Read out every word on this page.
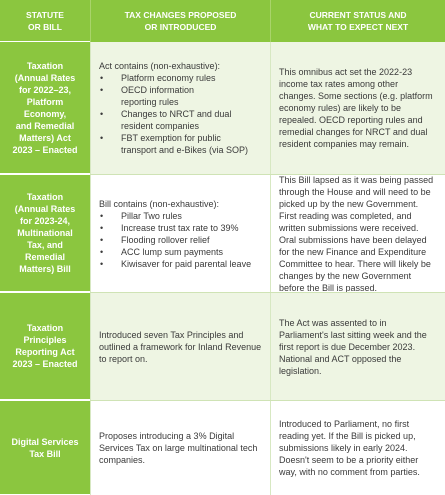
STATUTE
OR BILL
TAX CHANGES PROPOSED
OR INTRODUCED
CURRENT STATUS AND
WHAT TO EXPECT NEXT
Taxation
(Annual Rates
for 2022–23,
Platform
Economy,
and Remedial
Matters) Act
2023 – Enacted
Act contains (non-exhaustive):
• Platform economy rules
• OECD information
reporting rules
• Changes to NRCT and dual
resident companies
• FBT exemption for public
transport and e-Bikes (via SOP)

This omnibus act set the 2022-23 income tax rates among other changes. Some sections (e.g. platform economy rules) are likely to be repealed. OECD reporting rules and remedial changes for NRCT and dual resident companies may remain.

Taxation
(Annual Rates
for 2023-24,
Multinational
Tax, and
Remedial
Matters) Bill
Bill contains (non-exhaustive):
• Pillar Two rules
• Increase trust tax rate to 39%
• Flooding rollover relief
• ACC lump sum payments
• Kiwisaver for paid parental leave

This Bill lapsed as it was being passed through the House and will need to be picked up by the new Government. First reading was completed, and written submissions were received. Oral submissions have been delayed for the new Finance and Expenditure Committee to hear. There will likely be changes by the new Government before the Bill is passed.

Taxation
Principles
Reporting Act
2023 – Enacted
Introduced seven Tax Principles and outlined a framework for Inland Revenue to report on.

The Act was assented to in Parliament's last sitting week and the first report is due December 2023. National and ACT opposed the legislation.

Digital Services
Tax Bill
Proposes introducing a 3% Digital Services Tax on large multinational tech companies.

Introduced to Parliament, no first reading yet. If the Bill is picked up, submissions likely in early 2024. Doesn't seem to be a priority either way, with no comment from parties.
